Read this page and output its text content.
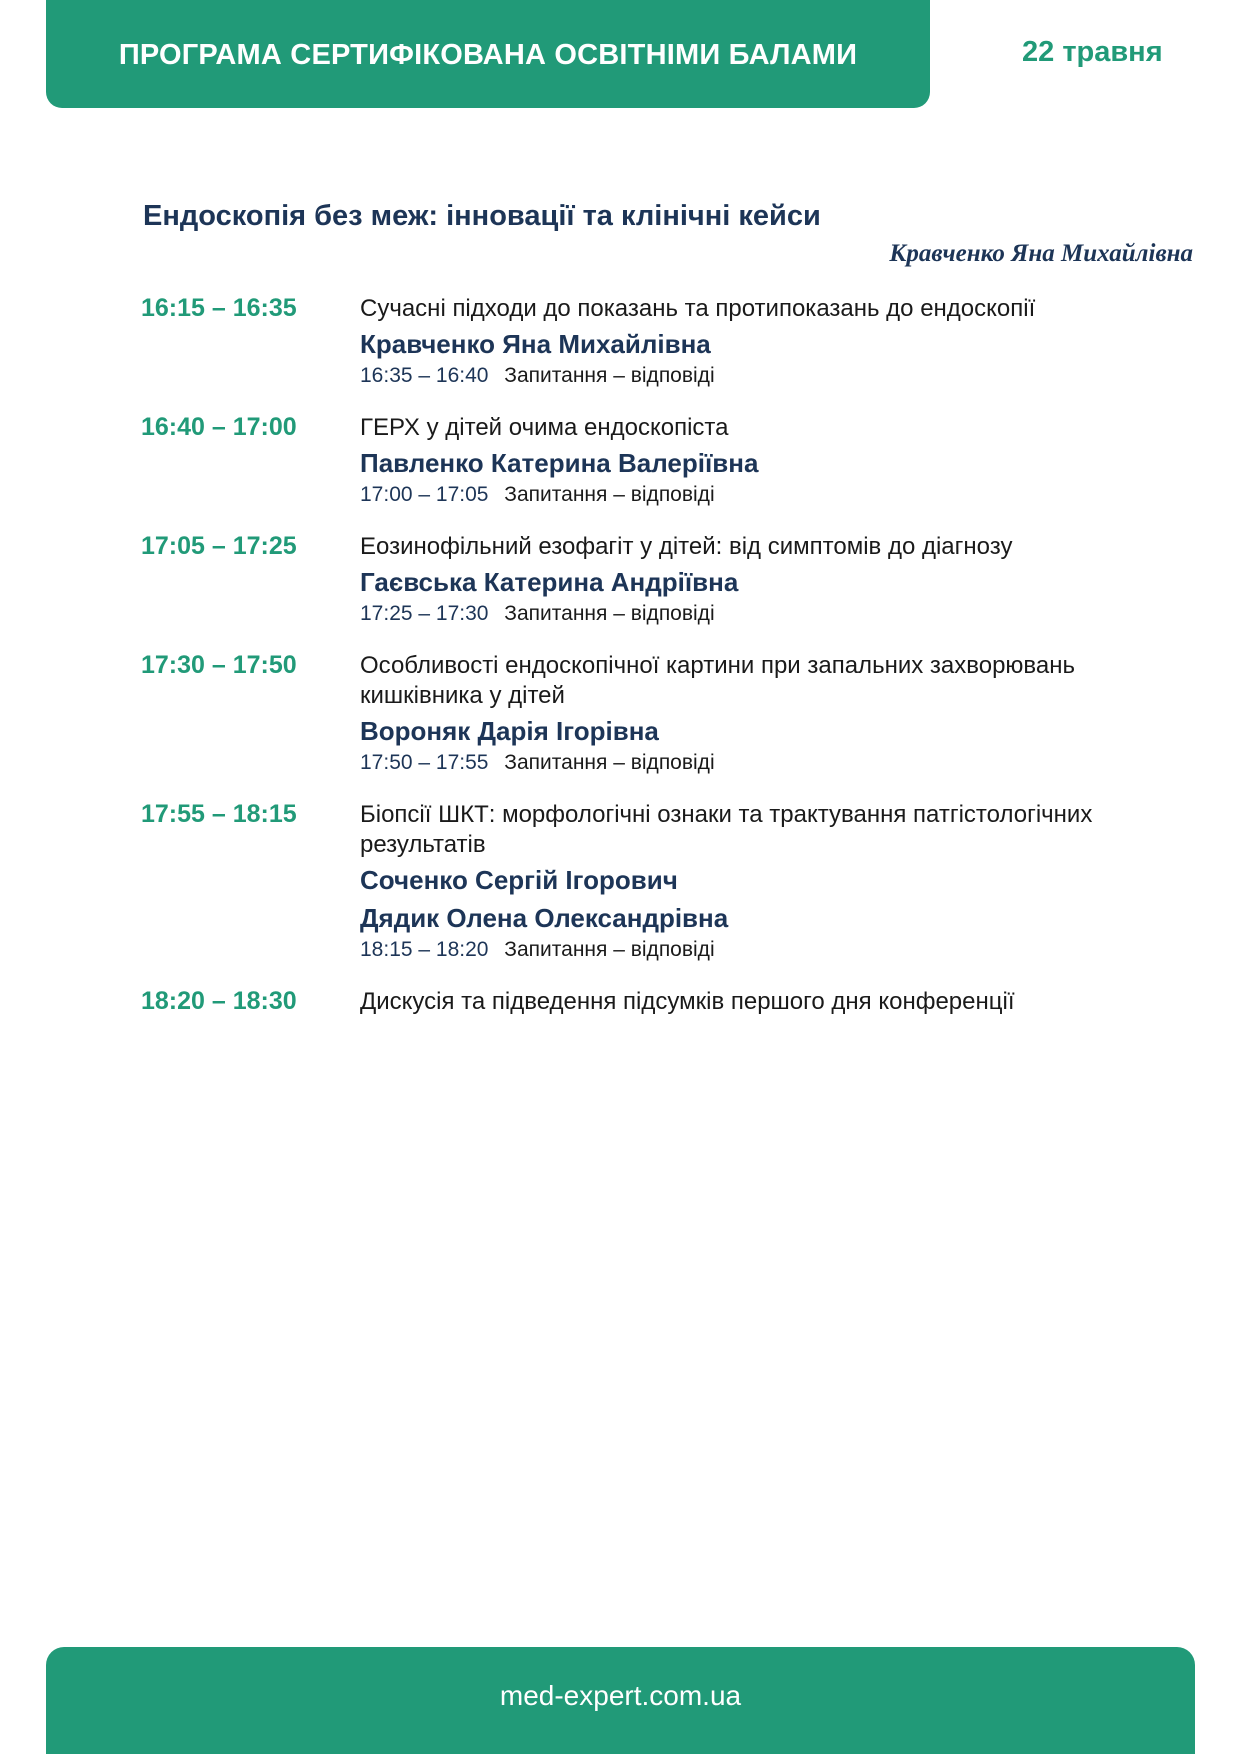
ПРОГРАМА СЕРТИФІКОВАНА ОСВІТНІМИ БАЛАМИ	22 травня
Ендоскопія без меж: інновації та клінічні кейси
Кравченко Яна Михайлівна
16:15 – 16:35	Сучасні підходи до показань та протипоказань до ендоскопії
Кравченко Яна Михайлівна
16:35 – 16:40 Запитання – відповіді
16:40 – 17:00	ГЕРХ у дітей очима ендоскопіста
Павленко Катерина Валеріївна
17:00 – 17:05 Запитання – відповіді
17:05 – 17:25	Еозинофільний езофагіт у дітей: від симптомів до діагнозу
Гаєвська Катерина Андріївна
17:25 – 17:30 Запитання – відповіді
17:30 – 17:50	Особливості ендоскопічної картини при запальних захворювань кишківника у дітей
Вороняк Дарія Ігорівна
17:50 – 17:55 Запитання – відповіді
17:55 – 18:15	Біопсії ШКТ: морфологічні ознаки та трактування патгістологічних результатів
Соченко Сергій Ігорович
Дядик Олена Олександрівна
18:15 – 18:20 Запитання – відповіді
18:20 – 18:30	Дискусія та підведення підсумків першого дня конференції
med-expert.com.ua
